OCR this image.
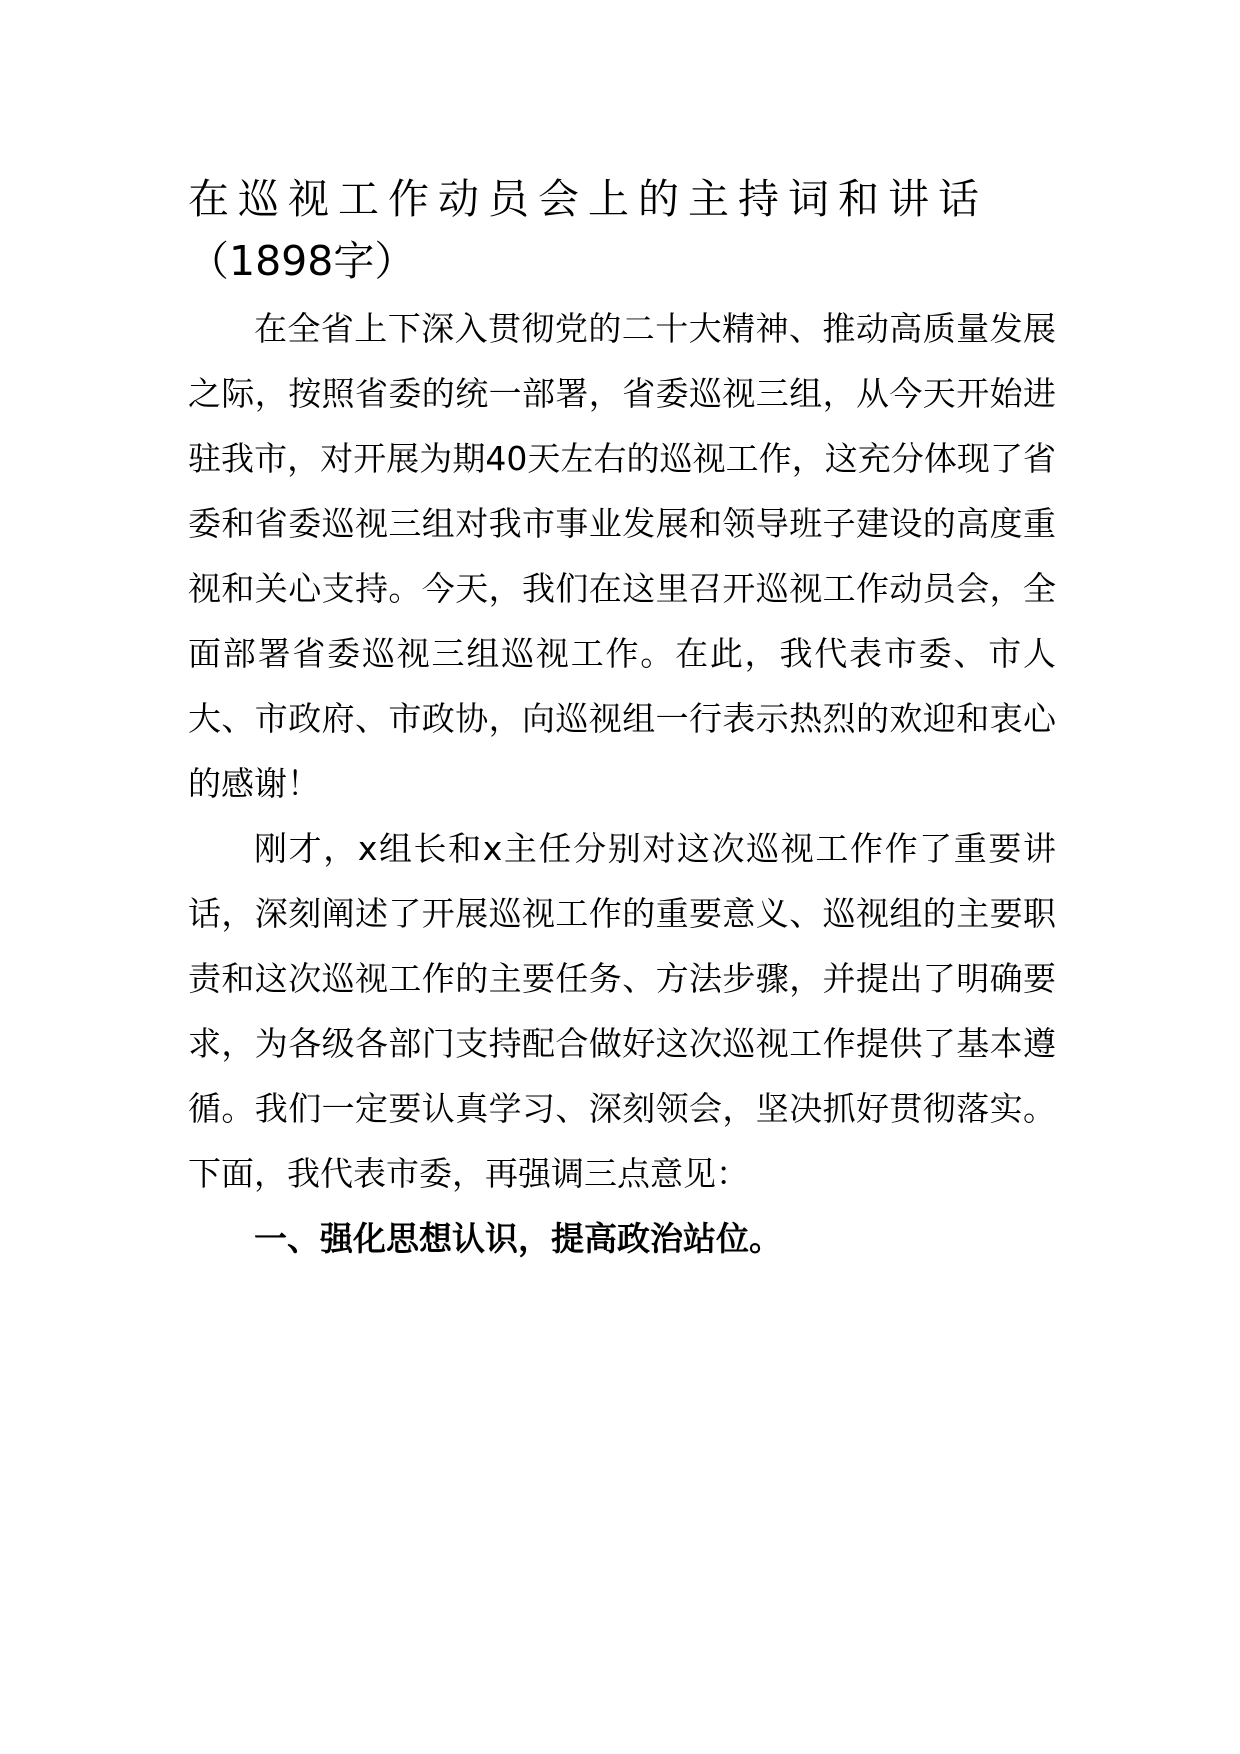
在巡视工作动员会上的主持词和讲话
（1898字）

在全省上下深入贯彻党的二十大精神、推动高质量发展之际，按照省委的统一部署，省委巡视三组，从今天开始进驻我市，对开展为期40天左右的巡视工作，这充分体现了省委和省委巡视三组对我市事业发展和领导班子建设的高度重视和关心支持。今天，我们在这里召开巡视工作动员会，全面部署省委巡视三组巡视工作。在此，我代表市委、市人大、市政府、市政协，向巡视组一行表示热烈的欢迎和衷心的感谢！

刚才，x组长和x主任分别对这次巡视工作作了重要讲话，深刻阐述了开展巡视工作的重要意义、巡视组的主要职责和这次巡视工作的主要任务、方法步骤，并提出了明确要求，为各级各部门支持配合做好这次巡视工作提供了基本遵循。我们一定要认真学习、深刻领会，坚决抓好贯彻落实。下面，我代表市委，再强调三点意见：

一、强化思想认识，提高政治站位。
